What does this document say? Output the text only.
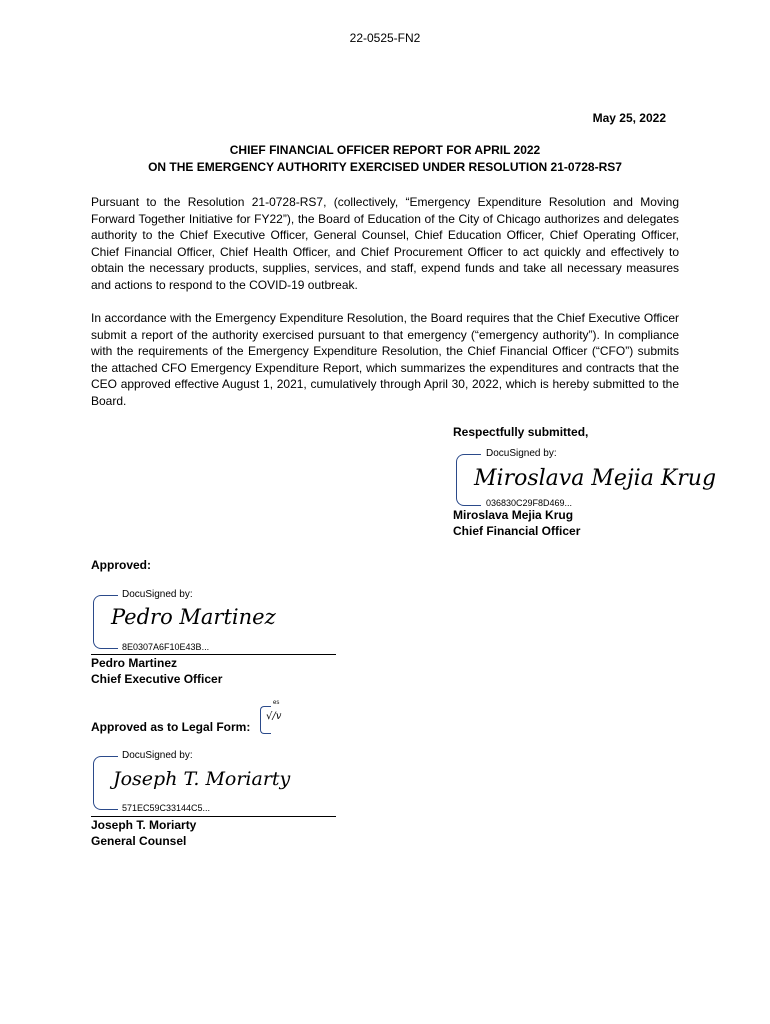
22-0525-FN2
May 25, 2022
CHIEF FINANCIAL OFFICER REPORT FOR APRIL 2022
ON THE EMERGENCY AUTHORITY EXERCISED UNDER RESOLUTION 21-0728-RS7
Pursuant to the Resolution 21-0728-RS7, (collectively, “Emergency Expenditure Resolution and Moving Forward Together Initiative for FY22”), the Board of Education of the City of Chicago authorizes and delegates authority to the Chief Executive Officer, General Counsel, Chief Education Officer, Chief Operating Officer, Chief Financial Officer, Chief Health Officer, and Chief Procurement Officer to act quickly and effectively to obtain the necessary products, supplies, services, and staff, expend funds and take all necessary measures and actions to respond to the COVID-19 outbreak.
In accordance with the Emergency Expenditure Resolution, the Board requires that the Chief Executive Officer submit a report of the authority exercised pursuant to that emergency (“emergency authority”). In compliance with the requirements of the Emergency Expenditure Resolution, the Chief Financial Officer (“CFO”) submits the attached CFO Emergency Expenditure Report, which summarizes the expenditures and contracts that the CEO approved effective August 1, 2021, cumulatively through April 30, 2022, which is hereby submitted to the Board.
Respectfully submitted,
DocuSigned by:
Miroslava Mejia Krug
036830C29F8D469...
Miroslava Mejia Krug
Chief Financial Officer
Approved:
DocuSigned by:
Pedro Martinez
8E0307A6F10E43B...
Pedro Martinez
Chief Executive Officer
Approved as to Legal Form:
es
√/v
DocuSigned by:
Joseph T. Moriarty
571EC59C33144C5...
Joseph T. Moriarty
General Counsel
